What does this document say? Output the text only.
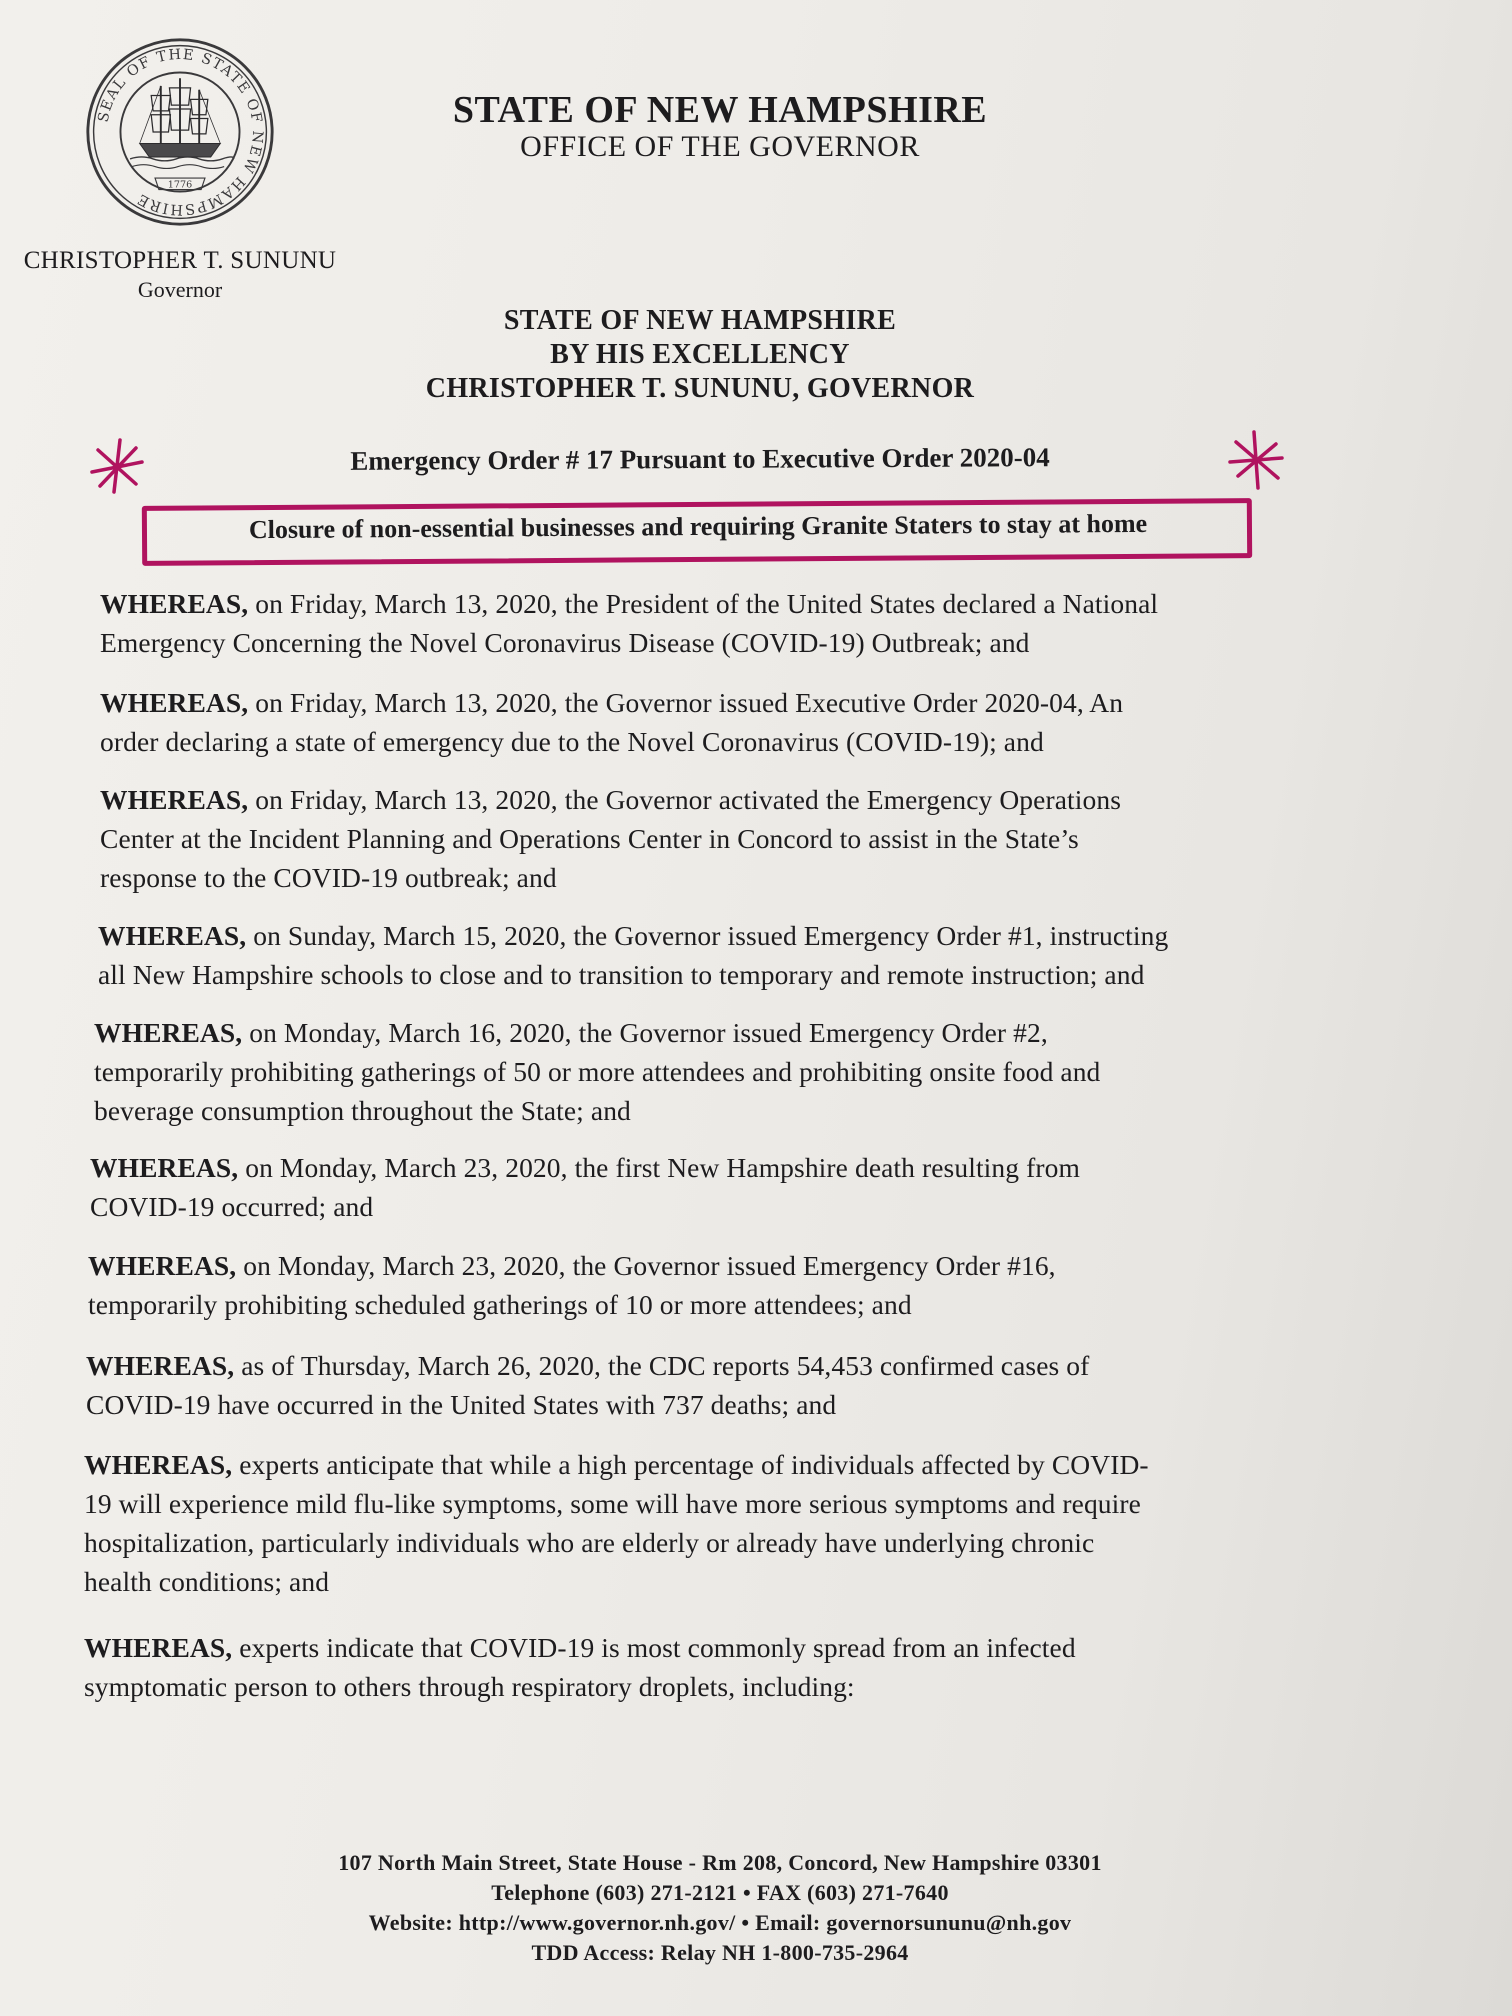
SEAL OF THE STATE OF NEW HAMPSHIRE
1776
CHRISTOPHER T. SUNUNU
Governor
STATE OF NEW HAMPSHIRE
OFFICE OF THE GOVERNOR
STATE OF NEW HAMPSHIRE
BY HIS EXCELLENCY
CHRISTOPHER T. SUNUNU, GOVERNOR
Emergency Order # 17 Pursuant to Executive Order 2020-04
Closure of non-essential businesses and requiring Granite Staters to stay at home
WHEREAS, on Friday, March 13, 2020, the President of the United States declared a National
Emergency Concerning the Novel Coronavirus Disease (COVID-19) Outbreak; and
WHEREAS, on Friday, March 13, 2020, the Governor issued Executive Order 2020-04, An
order declaring a state of emergency due to the Novel Coronavirus (COVID-19); and
WHEREAS, on Friday, March 13, 2020, the Governor activated the Emergency Operations
Center at the Incident Planning and Operations Center in Concord to assist in the State’s
response to the COVID-19 outbreak; and
WHEREAS, on Sunday, March 15, 2020, the Governor issued Emergency Order #1, instructing
all New Hampshire schools to close and to transition to temporary and remote instruction; and
WHEREAS, on Monday, March 16, 2020, the Governor issued Emergency Order #2,
temporarily prohibiting gatherings of 50 or more attendees and prohibiting onsite food and
beverage consumption throughout the State; and
WHEREAS, on Monday, March 23, 2020, the first New Hampshire death resulting from
COVID-19 occurred; and
WHEREAS, on Monday, March 23, 2020, the Governor issued Emergency Order #16,
temporarily prohibiting scheduled gatherings of 10 or more attendees; and
WHEREAS, as of Thursday, March 26, 2020, the CDC reports 54,453 confirmed cases of
COVID-19 have occurred in the United States with 737 deaths; and
WHEREAS, experts anticipate that while a high percentage of individuals affected by COVID-
19 will experience mild flu-like symptoms, some will have more serious symptoms and require
hospitalization, particularly individuals who are elderly or already have underlying chronic
health conditions; and
WHEREAS, experts indicate that COVID-19 is most commonly spread from an infected
symptomatic person to others through respiratory droplets, including:
107 North Main Street, State House - Rm 208, Concord, New Hampshire 03301
Telephone (603) 271-2121 • FAX (603) 271-7640
Website: http://www.governor.nh.gov/ • Email: governorsununu@nh.gov
TDD Access: Relay NH 1-800-735-2964
